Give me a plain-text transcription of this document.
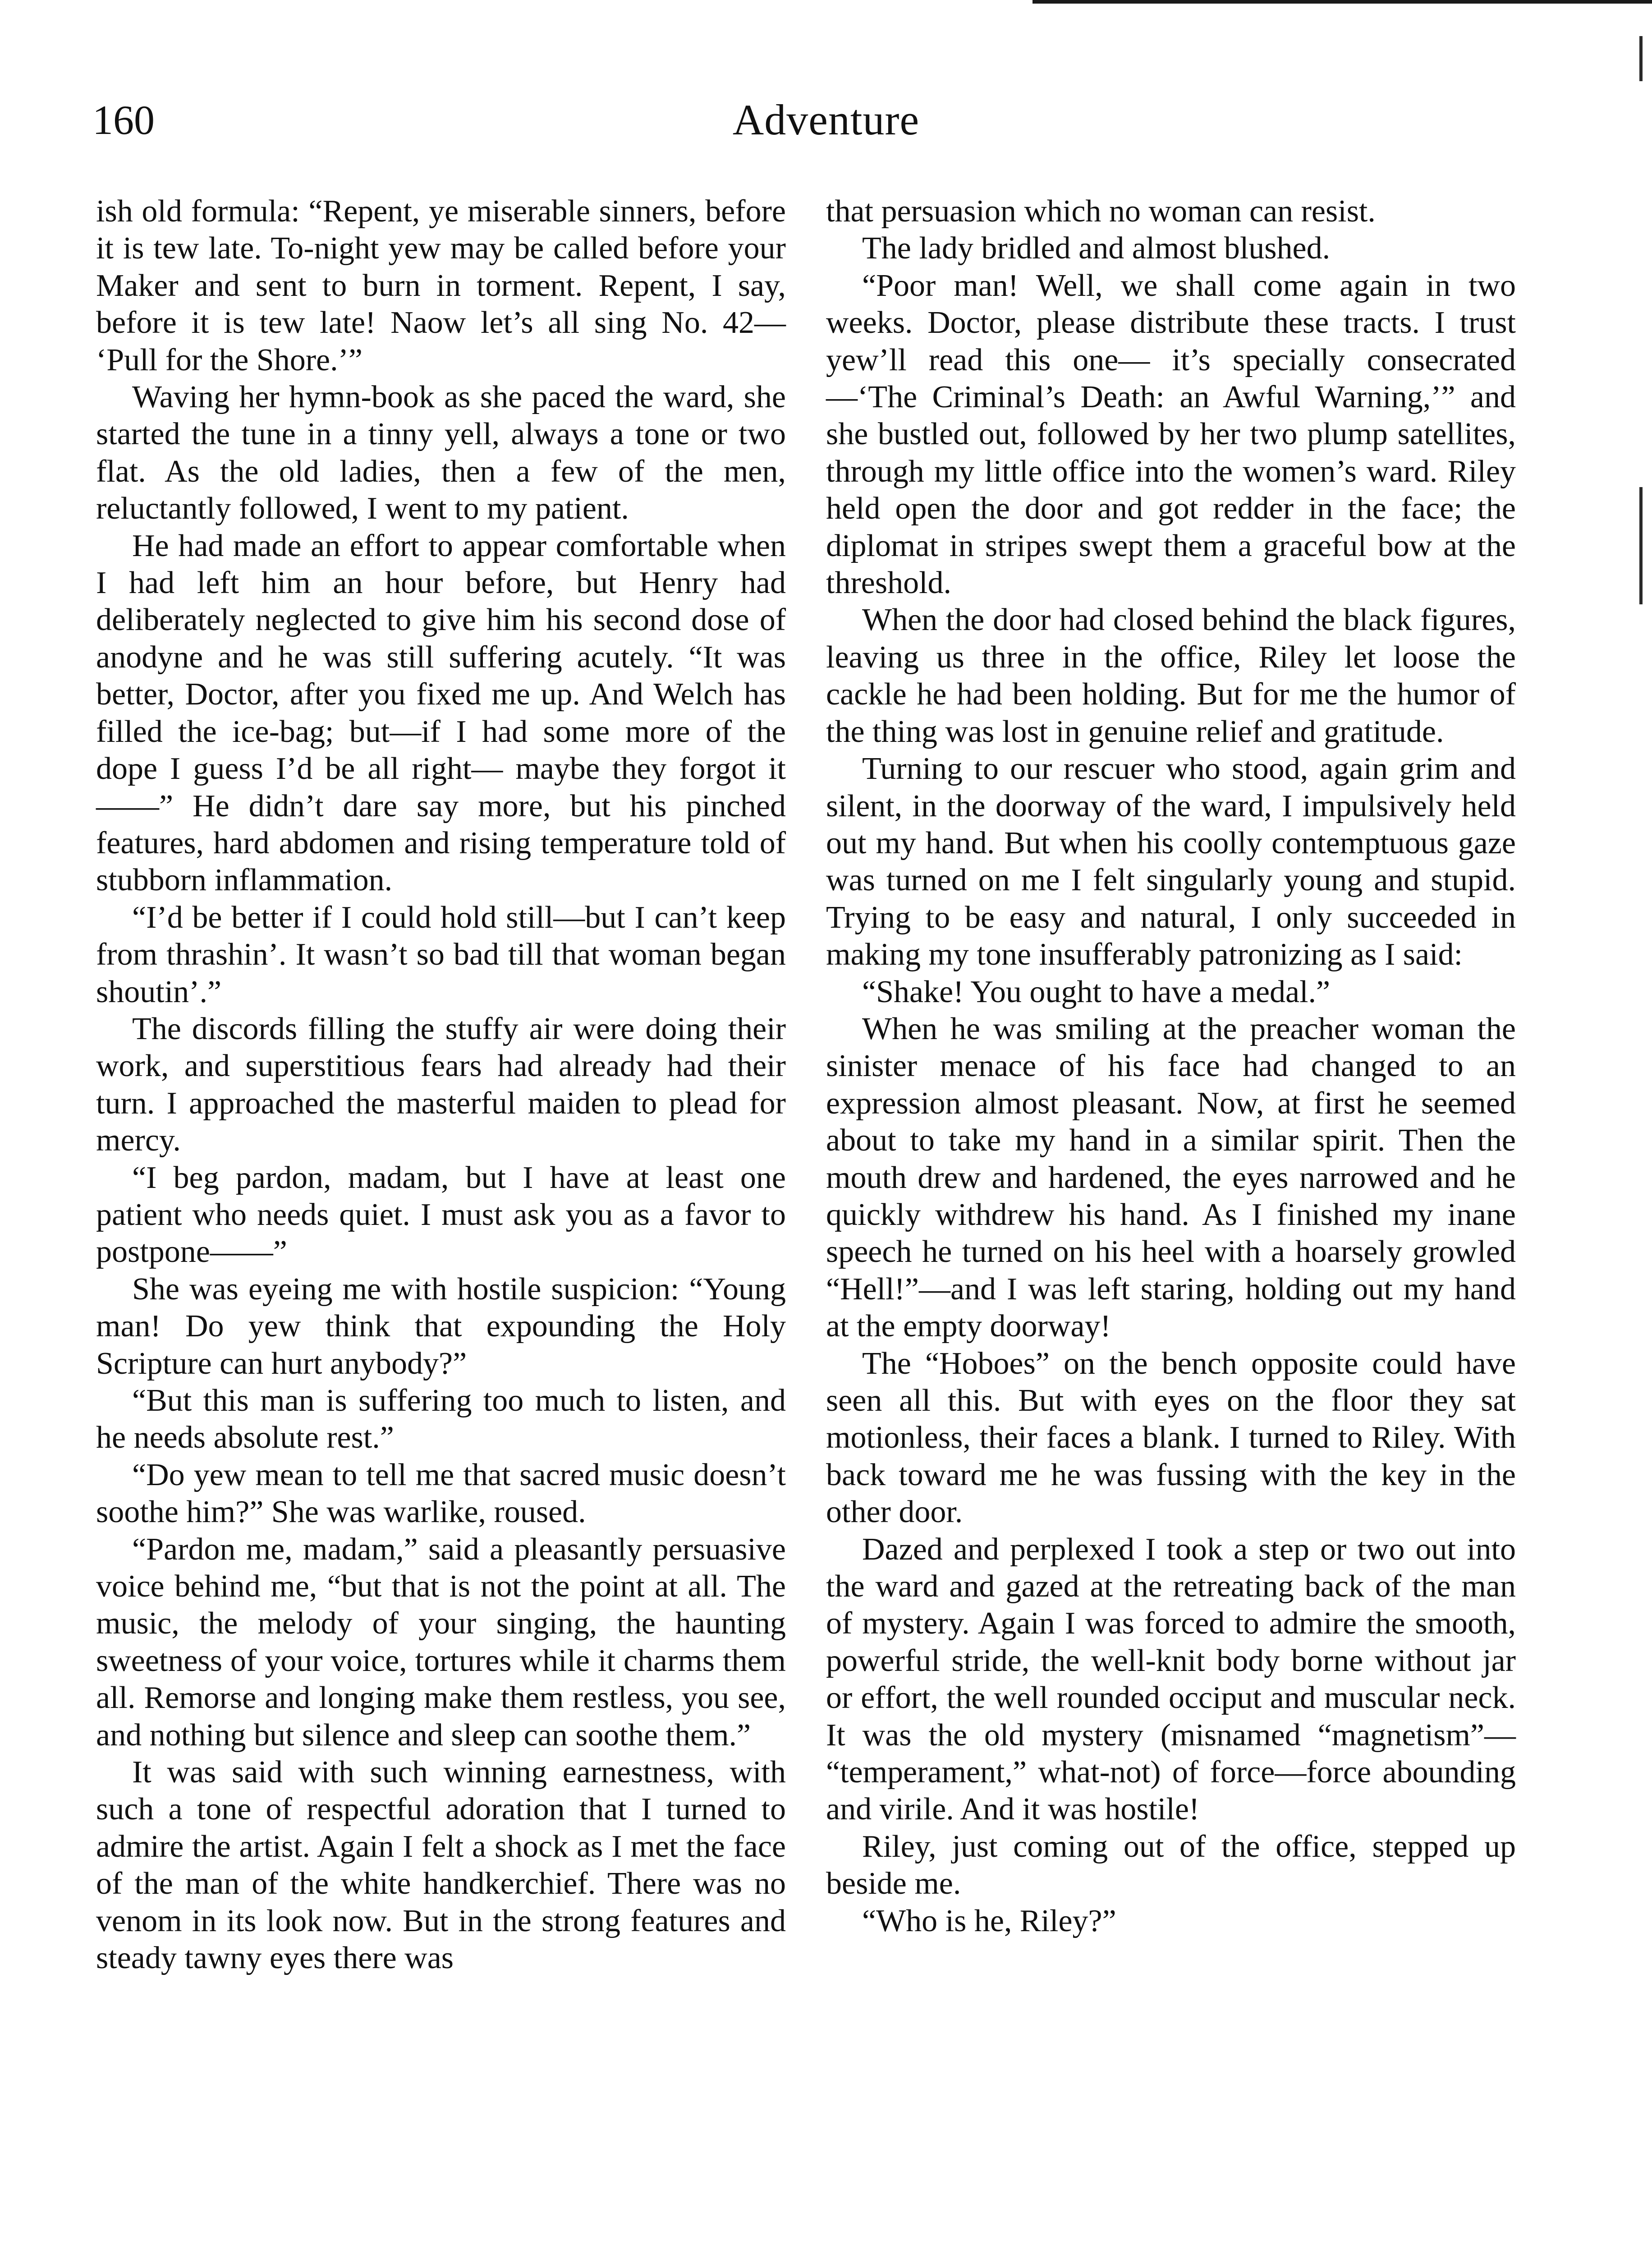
160	Adventure

ish old formula: “Repent, ye miserable sinners, before it is tew late. To-night yew may be called before your Maker and sent to burn in torment. Repent, I say, before it is tew late! Naow let’s all sing No. 42— ‘Pull for the Shore.’”

Waving her hymn-book as she paced the ward, she started the tune in a tinny yell, always a tone or two flat. As the old ladies, then a few of the men, reluctantly followed, I went to my patient.

He had made an effort to appear comfortable when I had left him an hour before, but Henry had deliberately neglected to give him his second dose of anodyne and he was still suffering acutely. “It was better, Doctor, after you fixed me up. And Welch has filled the ice-bag; but—if I had some more of the dope I guess I’d be all right— maybe they forgot it——” He didn’t dare say more, but his pinched features, hard abdomen and rising temperature told of stubborn inflammation.

“I’d be better if I could hold still—but I can’t keep from thrashin’. It wasn’t so bad till that woman began shoutin’.”

The discords filling the stuffy air were doing their work, and superstitious fears had already had their turn. I approached the masterful maiden to plead for mercy.

“I beg pardon, madam, but I have at least one patient who needs quiet. I must ask you as a favor to postpone——”

She was eyeing me with hostile suspicion: “Young man! Do yew think that expounding the Holy Scripture can hurt anybody?”

“But this man is suffering too much to listen, and he needs absolute rest.”

“Do yew mean to tell me that sacred music doesn’t soothe him?” She was warlike, roused.

“Pardon me, madam,” said a pleasantly persuasive voice behind me, “but that is not the point at all. The music, the melody of your singing, the haunting sweetness of your voice, tortures while it charms them all. Remorse and longing make them restless, you see, and nothing but silence and sleep can soothe them.”

It was said with such winning earnestness, with such a tone of respectful adoration that I turned to admire the artist. Again I felt a shock as I met the face of the man of the white handkerchief. There was no venom in its look now. But in the strong features and steady tawny eyes there was

that persuasion which no woman can resist.

The lady bridled and almost blushed.

“Poor man! Well, we shall come again in two weeks. Doctor, please distribute these tracts. I trust yew’ll read this one— it’s specially consecrated—‘The Criminal’s Death: an Awful Warning,’” and she bustled out, followed by her two plump satellites, through my little office into the women’s ward. Riley held open the door and got redder in the face; the diplomat in stripes swept them a graceful bow at the threshold.

When the door had closed behind the black figures, leaving us three in the office, Riley let loose the cackle he had been holding. But for me the humor of the thing was lost in genuine relief and gratitude.

Turning to our rescuer who stood, again grim and silent, in the doorway of the ward, I impulsively held out my hand. But when his coolly contemptuous gaze was turned on me I felt singularly young and stupid. Trying to be easy and natural, I only succeeded in making my tone insufferably patronizing as I said:

“Shake! You ought to have a medal.”

When he was smiling at the preacher woman the sinister menace of his face had changed to an expression almost pleasant. Now, at first he seemed about to take my hand in a similar spirit. Then the mouth drew and hardened, the eyes narrowed and he quickly withdrew his hand. As I finished my inane speech he turned on his heel with a hoarsely growled “Hell!”—and I was left staring, holding out my hand at the empty doorway!

The “Hoboes” on the bench opposite could have seen all this. But with eyes on the floor they sat motionless, their faces a blank. I turned to Riley. With back toward me he was fussing with the key in the other door.

Dazed and perplexed I took a step or two out into the ward and gazed at the retreating back of the man of mystery. Again I was forced to admire the smooth, powerful stride, the well-knit body borne without jar or effort, the well rounded occiput and muscular neck. It was the old mystery (misnamed “magnetism”— “temperament,” what-not) of force—force abounding and virile. And it was hostile!

Riley, just coming out of the office, stepped up beside me.

“Who is he, Riley?”
